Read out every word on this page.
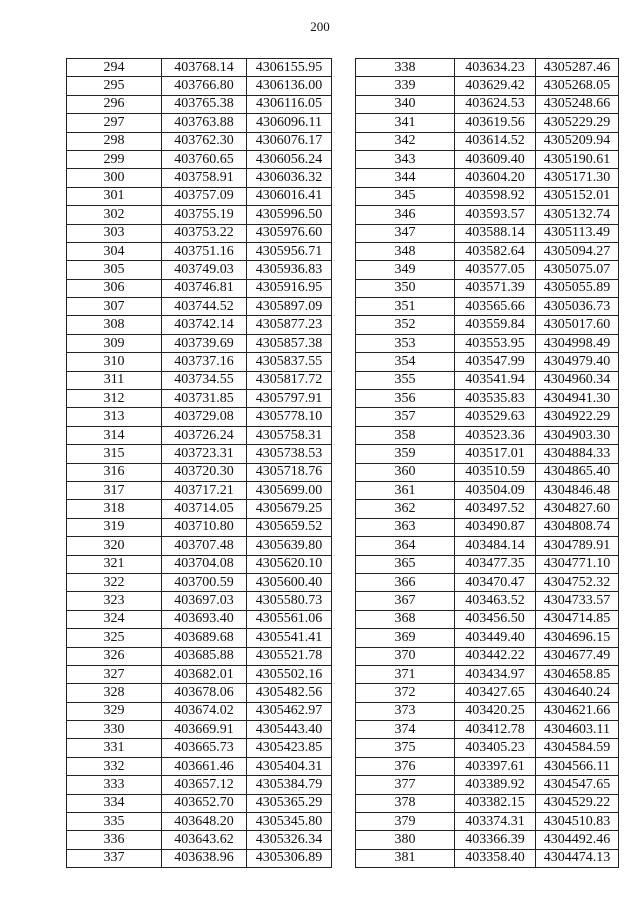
200
294	403768.14	4306155.95
295	403766.80	4306136.00
296	403765.38	4306116.05
297	403763.88	4306096.11
298	403762.30	4306076.17
299	403760.65	4306056.24
300	403758.91	4306036.32
301	403757.09	4306016.41
302	403755.19	4305996.50
303	403753.22	4305976.60
304	403751.16	4305956.71
305	403749.03	4305936.83
306	403746.81	4305916.95
307	403744.52	4305897.09
308	403742.14	4305877.23
309	403739.69	4305857.38
310	403737.16	4305837.55
311	403734.55	4305817.72
312	403731.85	4305797.91
313	403729.08	4305778.10
314	403726.24	4305758.31
315	403723.31	4305738.53
316	403720.30	4305718.76
317	403717.21	4305699.00
318	403714.05	4305679.25
319	403710.80	4305659.52
320	403707.48	4305639.80
321	403704.08	4305620.10
322	403700.59	4305600.40
323	403697.03	4305580.73
324	403693.40	4305561.06
325	403689.68	4305541.41
326	403685.88	4305521.78
327	403682.01	4305502.16
328	403678.06	4305482.56
329	403674.02	4305462.97
330	403669.91	4305443.40
331	403665.73	4305423.85
332	403661.46	4305404.31
333	403657.12	4305384.79
334	403652.70	4305365.29
335	403648.20	4305345.80
336	403643.62	4305326.34
337	403638.96	4305306.89
338	403634.23	4305287.46
339	403629.42	4305268.05
340	403624.53	4305248.66
341	403619.56	4305229.29
342	403614.52	4305209.94
343	403609.40	4305190.61
344	403604.20	4305171.30
345	403598.92	4305152.01
346	403593.57	4305132.74
347	403588.14	4305113.49
348	403582.64	4305094.27
349	403577.05	4305075.07
350	403571.39	4305055.89
351	403565.66	4305036.73
352	403559.84	4305017.60
353	403553.95	4304998.49
354	403547.99	4304979.40
355	403541.94	4304960.34
356	403535.83	4304941.30
357	403529.63	4304922.29
358	403523.36	4304903.30
359	403517.01	4304884.33
360	403510.59	4304865.40
361	403504.09	4304846.48
362	403497.52	4304827.60
363	403490.87	4304808.74
364	403484.14	4304789.91
365	403477.35	4304771.10
366	403470.47	4304752.32
367	403463.52	4304733.57
368	403456.50	4304714.85
369	403449.40	4304696.15
370	403442.22	4304677.49
371	403434.97	4304658.85
372	403427.65	4304640.24
373	403420.25	4304621.66
374	403412.78	4304603.11
375	403405.23	4304584.59
376	403397.61	4304566.11
377	403389.92	4304547.65
378	403382.15	4304529.22
379	403374.31	4304510.83
380	403366.39	4304492.46
381	403358.40	4304474.13
